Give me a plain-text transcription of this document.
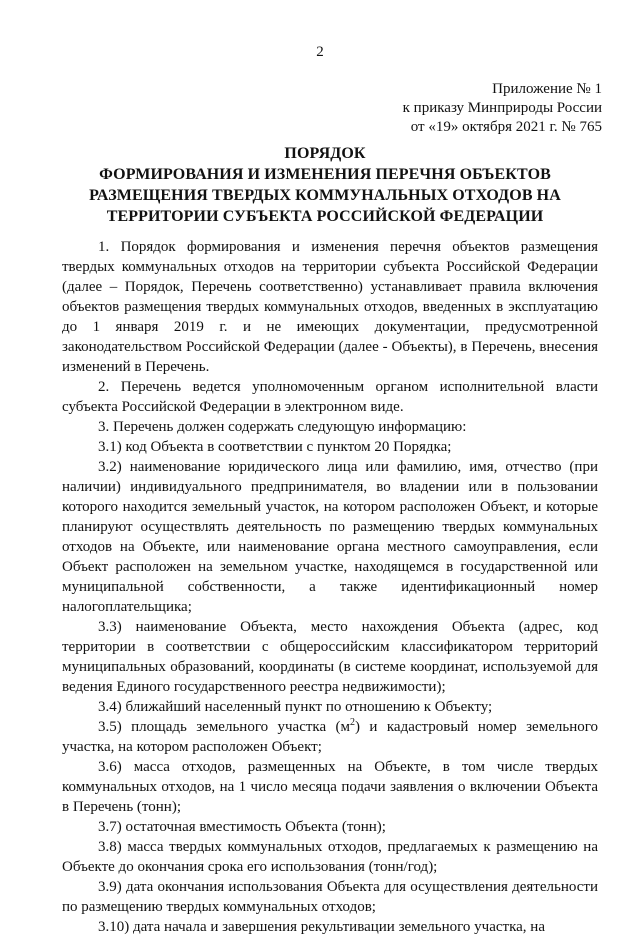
2
Приложение № 1
к приказу Минприроды России
от «19» октября 2021 г. № 765
ПОРЯДОК
ФОРМИРОВАНИЯ И ИЗМЕНЕНИЯ ПЕРЕЧНЯ ОБЪЕКТОВ
РАЗМЕЩЕНИЯ ТВЕРДЫХ КОММУНАЛЬНЫХ ОТХОДОВ НА
ТЕРРИТОРИИ СУБЪЕКТА РОССИЙСКОЙ ФЕДЕРАЦИИ

1. Порядок формирования и изменения перечня объектов размещения твердых коммунальных отходов на территории субъекта Российской Федерации (далее – Порядок, Перечень соответственно) устанавливает правила включения объектов размещения твердых коммунальных отходов, введенных в эксплуатацию до 1 января 2019 г. и не имеющих документации, предусмотренной законодательством Российской Федерации (далее - Объекты), в Перечень, внесения изменений в Перечень.

2. Перечень ведется уполномоченным органом исполнительной власти субъекта Российской Федерации в электронном виде.

3. Перечень должен содержать следующую информацию:

3.1) код Объекта в соответствии с пунктом 20 Порядка;

3.2) наименование юридического лица или фамилию, имя, отчество (при наличии) индивидуального предпринимателя, во владении или в пользовании которого находится земельный участок, на котором расположен Объект, и которые планируют осуществлять деятельность по размещению твердых коммунальных отходов на Объекте, или наименование органа местного самоуправления, если Объект расположен на земельном участке, находящемся в государственной или муниципальной собственности, а также идентификационный номер налогоплательщика;

3.3) наименование Объекта, место нахождения Объекта (адрес, код территории в соответствии с общероссийским классификатором территорий муниципальных образований, координаты (в системе координат, используемой для ведения Единого государственного реестра недвижимости);

3.4) ближайший населенный пункт по отношению к Объекту;

3.5) площадь земельного участка $(м^2)$ и кадастровый номер земельного участка, на котором расположен Объект;

3.6) масса отходов, размещенных на Объекте, в том числе твердых коммунальных отходов, на 1 число месяца подачи заявления о включении Объекта в Перечень (тонн);

3.7) остаточная вместимость Объекта (тонн);

3.8) масса твердых коммунальных отходов, предлагаемых к размещению на Объекте до окончания срока его использования (тонн/год);

3.9) дата окончания использования Объекта для осуществления деятельности по размещению твердых коммунальных отходов;

3.10) дата начала и завершения рекультивации земельного участка, на
